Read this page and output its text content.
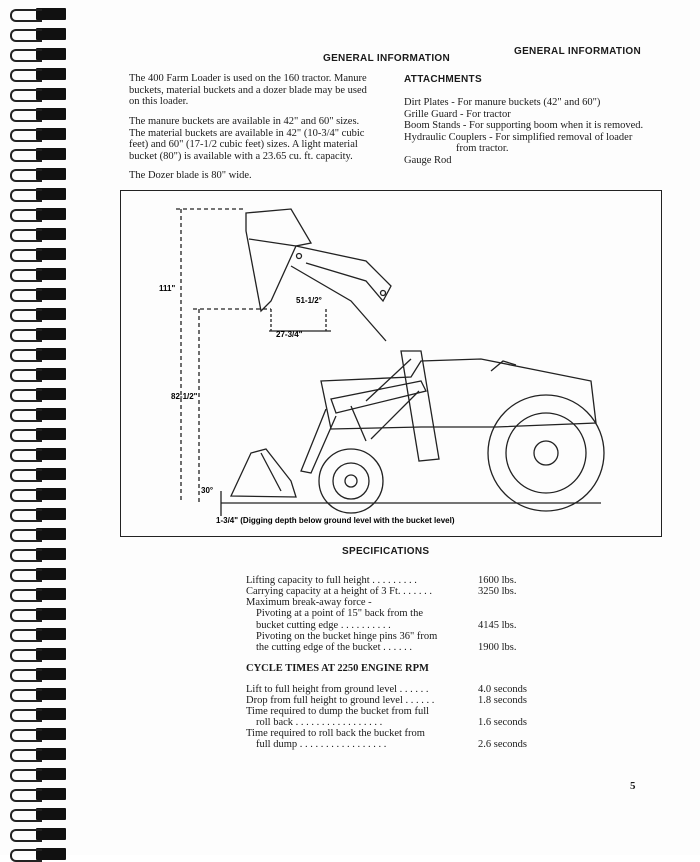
GENERAL INFORMATION
GENERAL INFORMATION
The 400 Farm Loader is used on the 160 tractor. Manure
buckets, material buckets and a dozer blade may be used
on this loader.
The manure buckets are available in 42" and 60" sizes.
The material buckets are available in 42" (10-3/4" cubic
feet) and 60" (17-1/2 cubic feet) sizes. A light material
bucket (80") is available with a 23.65 cu. ft. capacity.
The Dozer blade is 80" wide.
ATTACHMENTS
Dirt Plates - For manure buckets (42" and 60")
Grille Guard - For tractor
Boom Stands - For supporting boom when it is removed.
Hydraulic Couplers - For simplified removal of loader
from tractor.
Gauge Rod
111"
51-1/2°
27-3/4"
82-1/2"
30°
1-3/4" (Digging depth below ground level with the bucket level)
SPECIFICATIONS
Lifting capacity to full height . . . . . . . . .	1600 lbs.
Carrying capacity at a height of 3 Ft. . . . . . .	3250 lbs.
Maximum break-away force -
Pivoting at a point of 15" back from the
bucket cutting edge . . . . . . . . . .	4145 lbs.
Pivoting on the bucket hinge pins 36" from
the cutting edge of the bucket . . . . . .	1900 lbs.
CYCLE TIMES AT 2250 ENGINE RPM
Lift to full height from ground level . . . . . .	4.0 seconds
Drop from full height to ground level . . . . . .	1.8 seconds
Time required to dump the bucket from full
roll back . . . . . . . . . . . . . . . . .	1.6 seconds
Time required to roll back the bucket from
full dump . . . . . . . . . . . . . . . . .	2.6 seconds
5
